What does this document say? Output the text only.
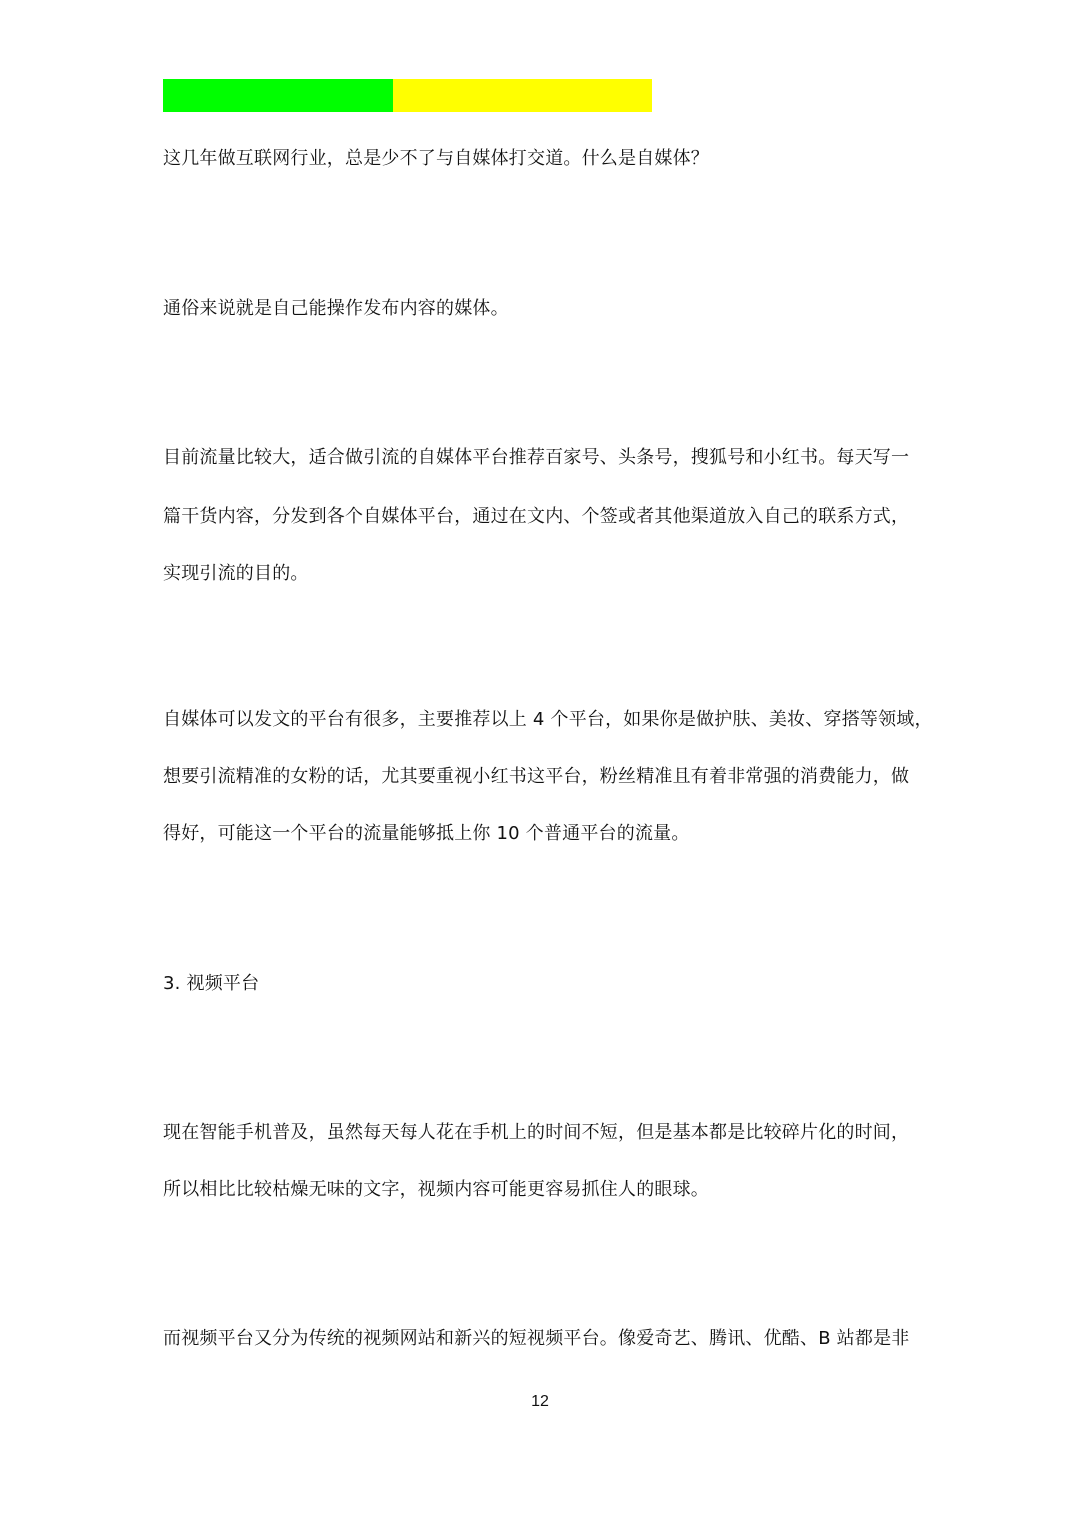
这几年做互联网行业，总是少不了与自媒体打交道。什么是自媒体？
通俗来说就是自己能操作发布内容的媒体。
目前流量比较大，适合做引流的自媒体平台推荐百家号、头条号，搜狐号和小红书。每天写一
篇干货内容，分发到各个自媒体平台，通过在文内、个签或者其他渠道放入自己的联系方式，
实现引流的目的。
自媒体可以发文的平台有很多，主要推荐以上 4 个平台，如果你是做护肤、美妆、穿搭等领域，
想要引流精准的女粉的话，尤其要重视小红书这平台，粉丝精准且有着非常强的消费能力，做
得好，可能这一个平台的流量能够抵上你 10 个普通平台的流量。
3. 视频平台
现在智能手机普及，虽然每天每人花在手机上的时间不短，但是基本都是比较碎片化的时间，
所以相比比较枯燥无味的文字，视频内容可能更容易抓住人的眼球。
而视频平台又分为传统的视频网站和新兴的短视频平台。像爱奇艺、腾讯、优酷、B 站都是非
12
